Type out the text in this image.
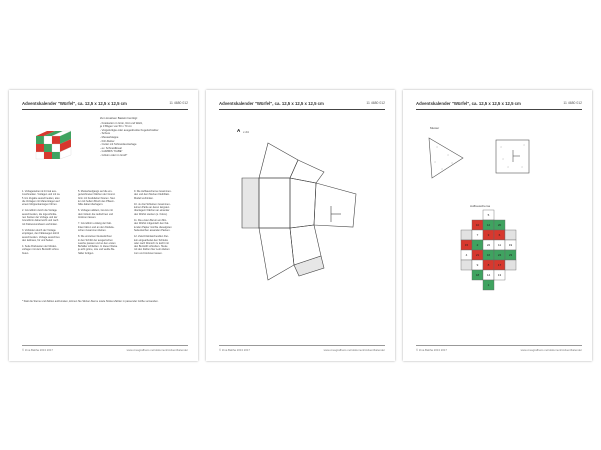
Adventskalender "Würfel", ca. 12,5 x 12,5 x 12,5 cm	11 4680 012
Zum kreativen Basteln benötigt:
- Fotokarton in Grün, Rot und Weiß,
je 3 Bögen von 50 x 70 cm
- Vorgefertigte oder ausgedruckte Kugelschreiber
- Schere
- Messerklappe
- Filz-Kleber
- Cutter mit Schneideunterlage
- ev. Schneidlineal
- GUMMIS "KABE"
- Grfeim oder im Groß*
1. Vorlagesieben & 24 mal aus-
zuschneiden. Vorlagen und mit ca.
5 mm Zugabe ausschneiden, also
die Vorlagen mit Marenkragen auf
einem Moppenkantogen führen.
2. Grundform durch die Vorlage
ausschneiden, die ingeschnitte-
nen Kanten der Vorlage und der
Grundform dabei leicht und nach
mit Kleberwunsbaum verbinden.
3. Vorfelden durch der Vorlage
einprägen, den Fältewegen kömlt
ausschneiden. Vorlage ausschnei-
den kellnaus, für und Seiten.
4. Seite Rückseiten der Moden-
vorlagen mit dem Buntstift schrei-
freien.
5. Musterlaufgangs auf die ein-
gezeichneten Flächen der Grund-
form mit Festklieber fixieren. Stel-
len mit hellem Brush des Pflaum-
billie dabei überlagern.
6. Vorlagen abklein, Grenze mit
dem Gittern die raufschnen und
trocknen lassen.
7. Grundform entlang der Falt-
linien falzen und an den Klebela-
schen zusammen kleben.
8. Die einzelnen Deckelöchner
in den Schlitz der ausgerischen
Lasche passen und so den ersten
Behälter schließen. In dieser Weise
je acht grüne, rote und weiße Be-
hälter fertigen.
9. Die Aufbauschema zusammen-
den und dem Merken Kleibblatt-
Modell verbinden.
10. Je drei Schieben zusammen-
leimen Partie an deren langsten
überlagern Flächen an einander
den Würfel stecken (s. Fotos).
11. Die ersten Berum ein Min-
den Würfel mitgemäch den Kal-
lenden Papier möchte dieselgsten
Seitenleichen assanden Packen.
12. Zuletzt Einlaschendlen Der-
lein eingearbeitet den Schleiss
oder nach Wunsch zu leicht mit
den Buntstift schreiben. Heute
mit den Zahlen hier Leim kleben
zum und trocknen lassen.
* Statt die Sterne und Zahlen aufzumalen, können Sie Sticker-Sterne sowie Sticker-Zahlen in passender Größe verwenden.
© Irina Baltha 2013 2017	www.creagrafhens.net/dokument/AdventKalender
Adventskalender "Würfel", ca. 12,5 x 12,5 x 12,5 cm	11 4680 012
A x 24
© Irina Baltha 2013 2017	www.creagrafhens.net/dokument/AdventKalender
Adventskalender "Würfel", ca. 12,5 x 12,5 x 12,5 cm	11 4680 012
Muster
✧
✧
✧
✧
✧
✧
✧
✧
✧	✧
Aufbauschema
15
4
10
7
2
21
9
18
5
12
3
22
16
8
14
1
20
6
11
24
17
13
19
23
© Irina Baltha 2013 2017	www.creagrafhens.net/dokument/AdventKalender
